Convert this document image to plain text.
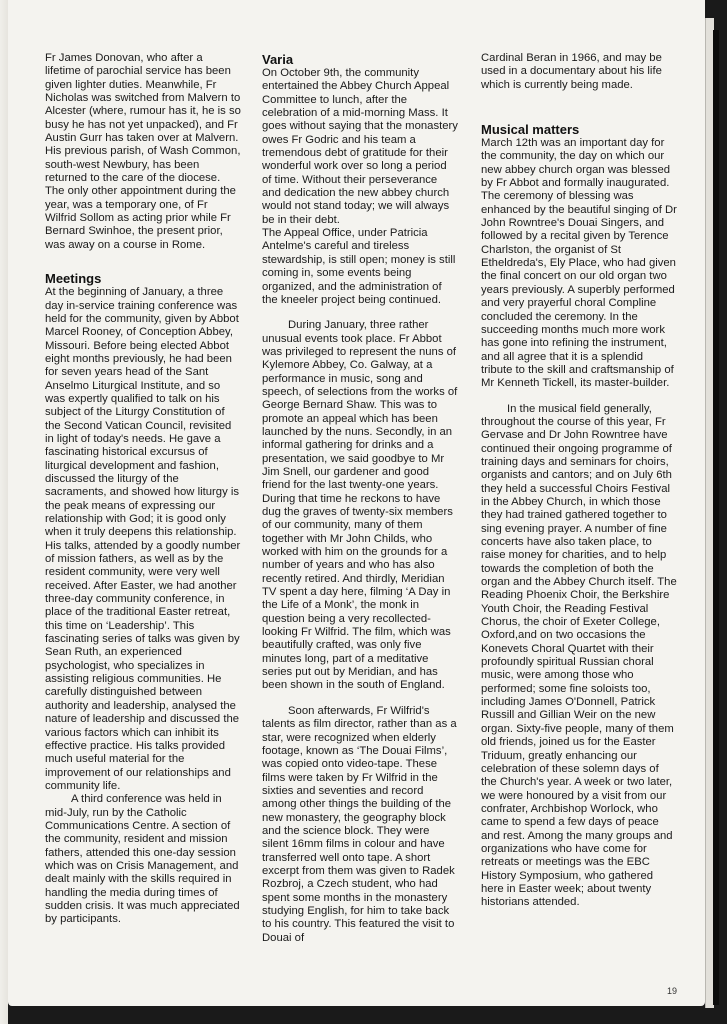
Fr James Donovan, who after a lifetime of parochial service has been given lighter duties. Meanwhile, Fr Nicholas was switched from Malvern to Alcester (where, rumour has it, he is so busy he has not yet unpacked), and Fr Austin Gurr has taken over at Malvern. His previous parish, of Wash Common, south-west Newbury, has been returned to the care of the diocese. The only other appointment during the year, was a temporary one, of Fr Wilfrid Sollom as acting prior while Fr Bernard Swinhoe, the present prior, was away on a course in Rome.

Meetings

At the beginning of January, a three day in-service training conference was held for the community, given by Abbot Marcel Rooney, of Conception Abbey, Missouri. Before being elected Abbot eight months previously, he had been for seven years head of the Sant Anselmo Liturgical Institute, and so was expertly qualified to talk on his subject of the Liturgy Constitution of the Second Vatican Council, revisited in light of today's needs. He gave a fascinating historical excursus of liturgical development and fashion, discussed the liturgy of the sacraments, and showed how liturgy is the peak means of expressing our relationship with God; it is good only when it truly deepens this relationship. His talks, attended by a goodly number of mission fathers, as well as by the resident community, were very well received. After Easter, we had another three-day community conference, in place of the traditional Easter retreat, this time on ‘Leadership’. This fascinating series of talks was given by Sean Ruth, an experienced psychologist, who specializes in assisting religious communities. He carefully distinguished between authority and leadership, analysed the nature of leadership and discussed the various factors which can inhibit its effective practice. His talks provided much useful material for the improvement of our relationships and community life.

A third conference was held in mid-July, run by the Catholic Communications Centre. A section of the community, resident and mission fathers, attended this one-day session which was on Crisis Management, and dealt mainly with the skills required in handling the media during times of sudden crisis. It was much appreciated by participants.

Varia

On October 9th, the community entertained the Abbey Church Appeal Committee to lunch, after the celebration of a mid-morning Mass. It goes without saying that the monastery owes Fr Godric and his team a tremendous debt of gratitude for their wonderful work over so long a period of time. Without their perseverance and dedication the new abbey church would not stand today; we will always be in their debt.

The Appeal Office, under Patricia Antelme's careful and tireless stewardship, is still open; money is still coming in, some events being organized, and the administration of the kneeler project being continued.

During January, three rather unusual events took place. Fr Abbot was privileged to represent the nuns of Kylemore Abbey, Co. Galway, at a performance in music, song and speech, of selections from the works of George Bernard Shaw. This was to promote an appeal which has been launched by the nuns. Secondly, in an informal gathering for drinks and a presentation, we said goodbye to Mr Jim Snell, our gardener and good friend for the last twenty-one years. During that time he reckons to have dug the graves of twenty-six members of our community, many of them together with Mr John Childs, who worked with him on the grounds for a number of years and who has also recently retired. And thirdly, Meridian TV spent a day here, filming ‘A Day in the Life of a Monk’, the monk in question being a very recollected-looking Fr Wilfrid. The film, which was beautifully crafted, was only five minutes long, part of a meditative series put out by Meridian, and has been shown in the south of England.

Soon afterwards, Fr Wilfrid's talents as film director, rather than as a star, were recognized when elderly footage, known as ‘The Douai Films’, was copied onto video-tape. These films were taken by Fr Wilfrid in the sixties and seventies and record among other things the building of the new monastery, the geography block and the science block. They were silent 16mm films in colour and have transferred well onto tape. A short excerpt from them was given to Radek Rozbroj, a Czech student, who had spent some months in the monastery studying English, for him to take back to his country. This featured the visit to Douai of

Cardinal Beran in 1966, and may be used in a documentary about his life which is currently being made.

Musical matters

March 12th was an important day for the community, the day on which our new abbey church organ was blessed by Fr Abbot and formally inaugurated. The ceremony of blessing was enhanced by the beautiful singing of Dr John Rowntree's Douai Singers, and followed by a recital given by Terence Charlston, the organist of St Etheldreda's, Ely Place, who had given the final concert on our old organ two years previously. A superbly performed and very prayerful choral Compline concluded the ceremony. In the succeeding months much more work has gone into refining the instrument, and all agree that it is a splendid tribute to the skill and craftsmanship of Mr Kenneth Tickell, its master-builder.

In the musical field generally, throughout the course of this year, Fr Gervase and Dr John Rowntree have continued their ongoing programme of training days and seminars for choirs, organists and cantors; and on July 6th they held a successful Choirs Festival in the Abbey Church, in which those they had trained gathered together to sing evening prayer. A number of fine concerts have also taken place, to raise money for charities, and to help towards the completion of both the organ and the Abbey Church itself. The Reading Phoenix Choir, the Berkshire Youth Choir, the Reading Festival Chorus, the choir of Exeter College, Oxford,and on two occasions the Konevets Choral Quartet with their profoundly spiritual Russian choral music, were among those who performed; some fine soloists too, including James O'Donnell, Patrick Russill and Gillian Weir on the new organ. Sixty-five people, many of them old friends, joined us for the Easter Triduum, greatly enhancing our celebration of these solemn days of the Church's year. A week or two later, we were honoured by a visit from our confrater, Archbishop Worlock, who came to spend a few days of peace and rest. Among the many groups and organizations who have come for retreats or meetings was the EBC History Symposium, who gathered here in Easter week; about twenty historians attended.

19
